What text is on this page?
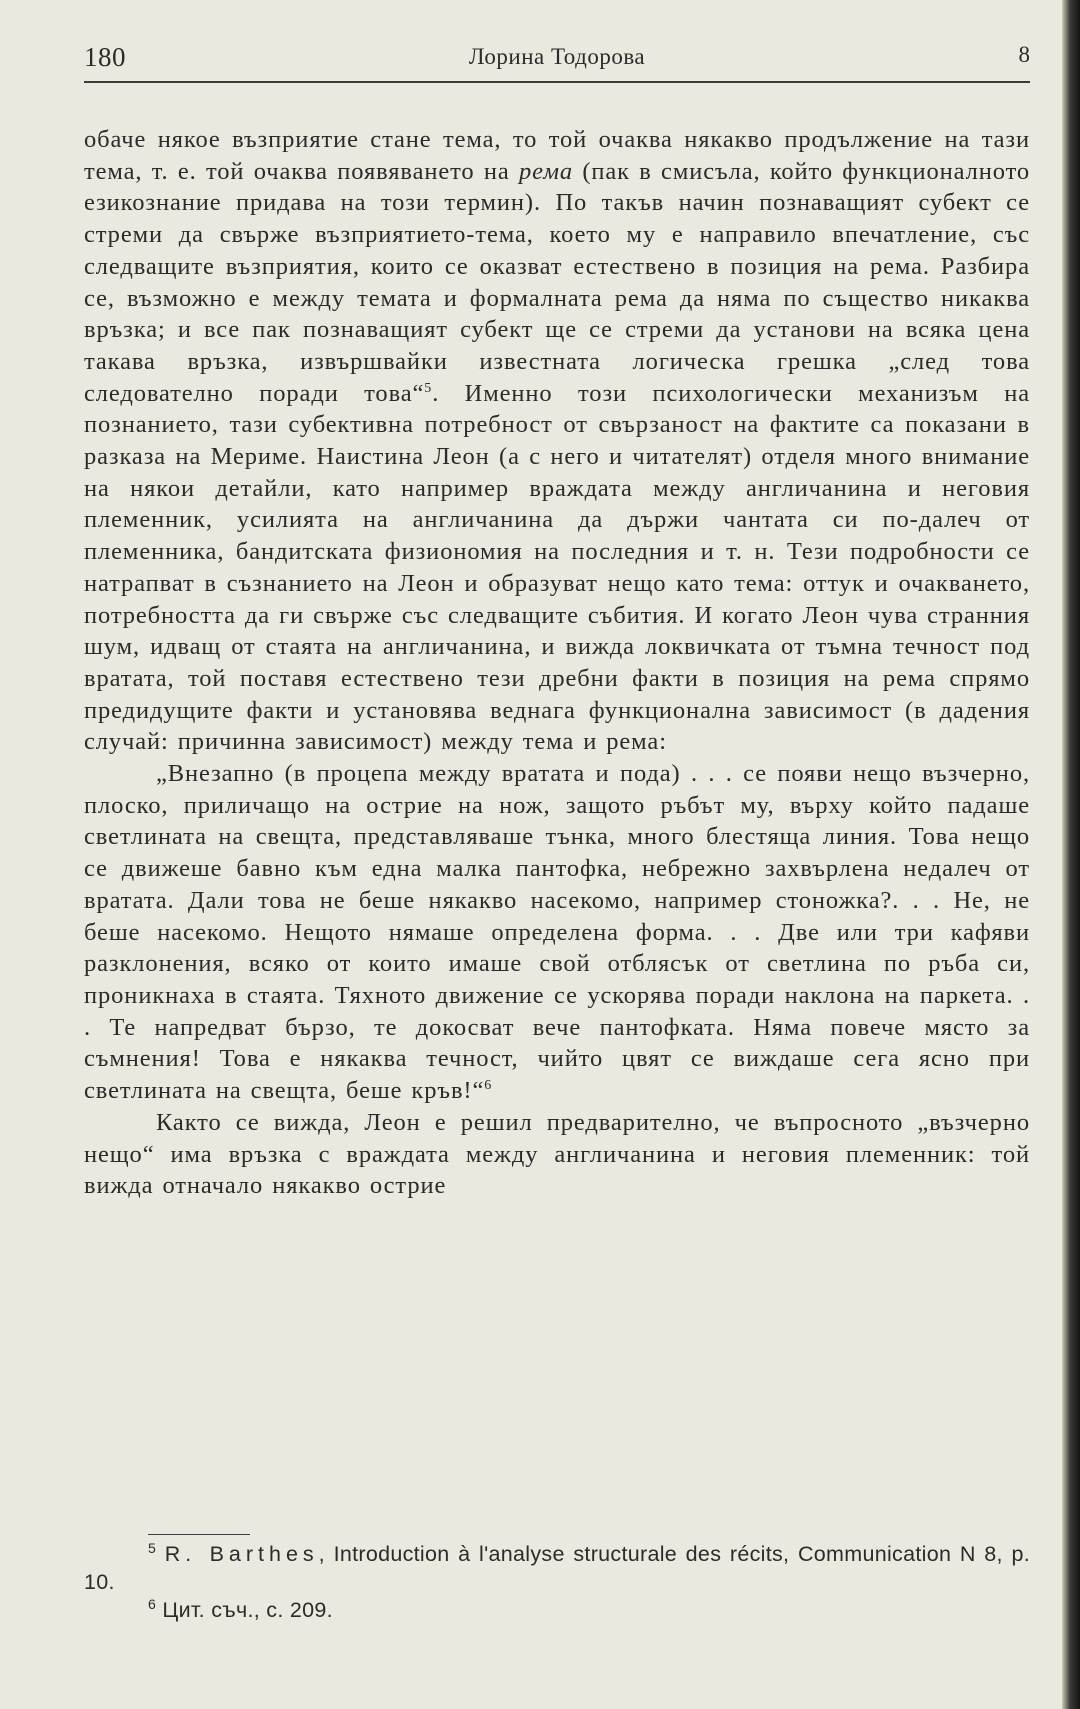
180	Лорина Тодорова	8

обаче някое възприятие стане тема, то той очаква някакво продължение на тази тема, т. е. той очаква появяването на рема (пак в смисъла, който функционалното езикознание придава на този термин). По такъв начин познаващият субект се стреми да свърже възприятието-тема, което му е направило впечатление, със следващите възприятия, които се оказват естествено в позиция на рема. Разбира се, възможно е между темата и формалната рема да няма по същество никаква връзка; и все пак познаващият субект ще се стреми да установи на всяка цена такава връзка, извършвайки известната логическа грешка „след това следователно поради това“$^5$. Именно този психологически механизъм на познанието, тази субективна потребност от свързаност на фактите са показани в разказа на Мериме. Наистина Леон (а с него и читателят) отделя много внимание на някои детайли, като например враждата между англичанина и неговия племенник, усилията на англичанина да държи чантата си по-далеч от племенника, бандитската физиономия на последния и т. н. Тези подробности се натрапват в съзнанието на Леон и образуват нещо като тема: оттук и очакването, потребността да ги свърже със следващите събития. И когато Леон чува странния шум, идващ от стаята на англичанина, и вижда локвичката от тъмна течност под вратата, той поставя естествено тези дребни факти в позиция на рема спрямо предидущите факти и установява веднага функционална зависимост (в дадения случай: причинна зависимост) между тема и рема:

„Внезапно (в процепа между вратата и пода) . . . се появи нещо възчерно, плоско, приличащо на острие на нож, защото ръбът му, върху който падаше светлината на свещта, представляваше тънка, много блестяща линия. Това нещо се движеше бавно към една малка пантофка, небрежно захвърлена недалеч от вратата. Дали това не беше някакво насекомо, например стоножка?. . . Не, не беше насекомо. Нещото нямаше определена форма. . . Две или три кафяви разклонения, всяко от които имаше свой отблясък от светлина по ръба си, проникнаха в стаята. Тяхното движение се ускорява поради наклона на паркета. . . Те напредват бързо, те докосват вече пантофката. Няма повече място за съмнения! Това е някаква течност, чийто цвят се виждаше сега ясно при светлината на свещта, беше кръв!“$^6$

Както се вижда, Леон е решил предварително, че въпросното „възчерно нещо“ има връзка с враждата между англичанина и неговия племенник: той вижда отначало някакво острие

$^5$ R. Barthes, Introduction à l'analyse structurale des récits, Communication N 8, p. 10.

$^6$ Цит. съч., с. 209.
